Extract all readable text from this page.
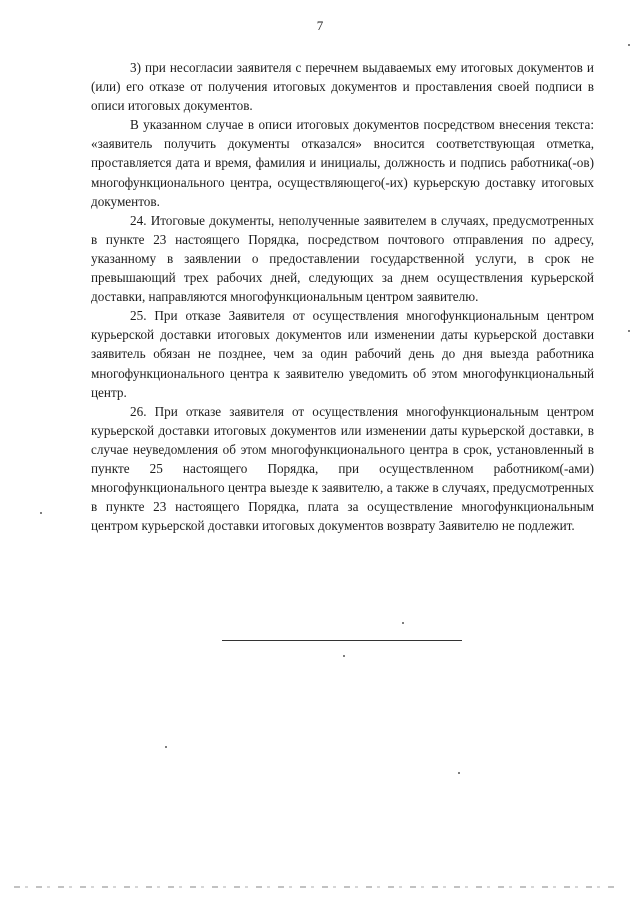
7

3) при несогласии заявителя с перечнем выдаваемых ему итоговых документов и (или) его отказе от получения итоговых документов и проставления своей подписи в описи итоговых документов.

В указанном случае в описи итоговых документов посредством внесения текста: «заявитель получить документы отказался» вносится соответствующая отметка, проставляется дата и время, фамилия и инициалы, должность и подпись работника(-ов) многофункционального центра, осуществляющего(-их) курьерскую доставку итоговых документов.

24. Итоговые документы, неполученные заявителем в случаях, предусмотренных в пункте 23 настоящего Порядка, посредством почтового отправления по адресу, указанному в заявлении о предоставлении государственной услуги, в срок не превышающий трех рабочих дней, следующих за днем осуществления курьерской доставки, направляются многофункциональным центром заявителю.

25. При отказе Заявителя от осуществления многофункциональным центром курьерской доставки итоговых документов или изменении даты курьерской доставки заявитель обязан не позднее, чем за один рабочий день до дня выезда работника многофункционального центра к заявителю уведомить об этом многофункциональный центр.

26. При отказе заявителя от осуществления многофункциональным центром курьерской доставки итоговых документов или изменении даты курьерской доставки, в случае неуведомления об этом многофункционального центра в срок, установленный в пункте 25 настоящего Порядка, при осуществленном работником(-ами) многофункционального центра выезде к заявителю, а также в случаях, предусмотренных в пункте 23 настоящего Порядка, плата за осуществление многофункциональным центром курьерской доставки итоговых документов возврату Заявителю не подлежит.
